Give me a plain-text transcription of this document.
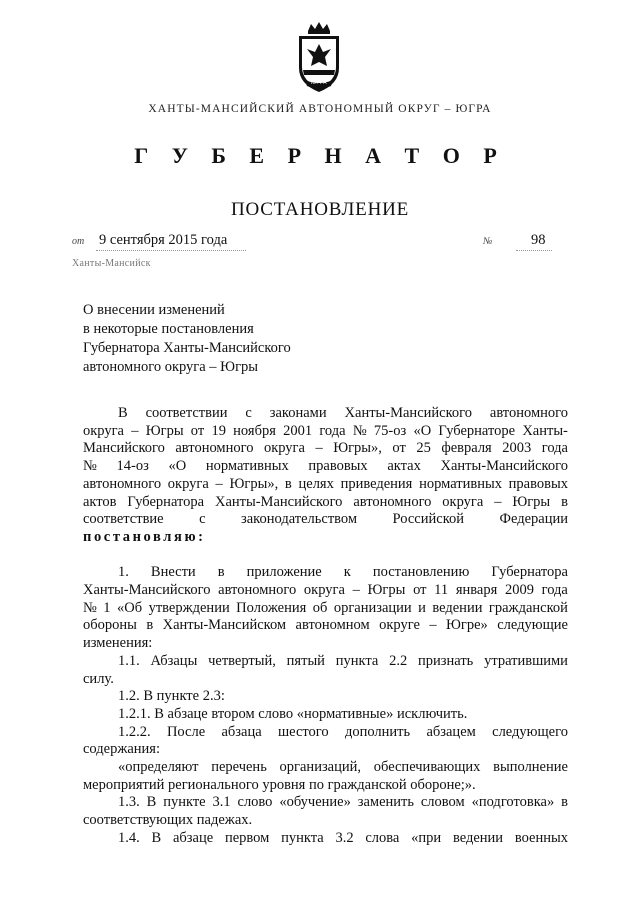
ЮГРА
ХАНТЫ-МАНСИЙСКИЙ АВТОНОМНЫЙ ОКРУГ – ЮГРА
Г У Б Е Р Н А Т О Р
ПОСТАНОВЛЕНИЕ
от 9 сентября 2015 года	№	98
Ханты-Мансийск
О внесении изменений
в некоторые постановления
Губернатора Ханты-Мансийского
автономного округа – Югры
В соответствии с законами Ханты-Мансийского автономного
округа – Югры от 19 ноября 2001 года № 75-оз «О Губернаторе Ханты-
Мансийского автономного округа – Югры», от 25 февраля 2003 года
№ 14-оз «О нормативных правовых актах Ханты-Мансийского
автономного округа – Югры», в целях приведения нормативных правовых
актов Губернатора Ханты-Мансийского автономного округа – Югры в
соответствие с законодательством Российской Федерации
постановляю:
1. Внести в приложение к постановлению Губернатора
Ханты-Мансийского автономного округа – Югры от 11 января 2009 года
№ 1 «Об утверждении Положения об организации и ведении гражданской
обороны в Ханты-Мансийском автономном округе – Югре» следующие
изменения:
1.1. Абзацы четвертый, пятый пункта 2.2 признать утратившими
силу.
1.2. В пункте 2.3:
1.2.1. В абзаце втором слово «нормативные» исключить.
1.2.2. После абзаца шестого дополнить абзацем следующего
содержания:
«определяют перечень организаций, обеспечивающих выполнение
мероприятий регионального уровня по гражданской обороне;».
1.3. В пункте 3.1 слово «обучение» заменить словом «подготовка» в
соответствующих падежах.
1.4. В абзаце первом пункта 3.2 слова «при ведении военных
